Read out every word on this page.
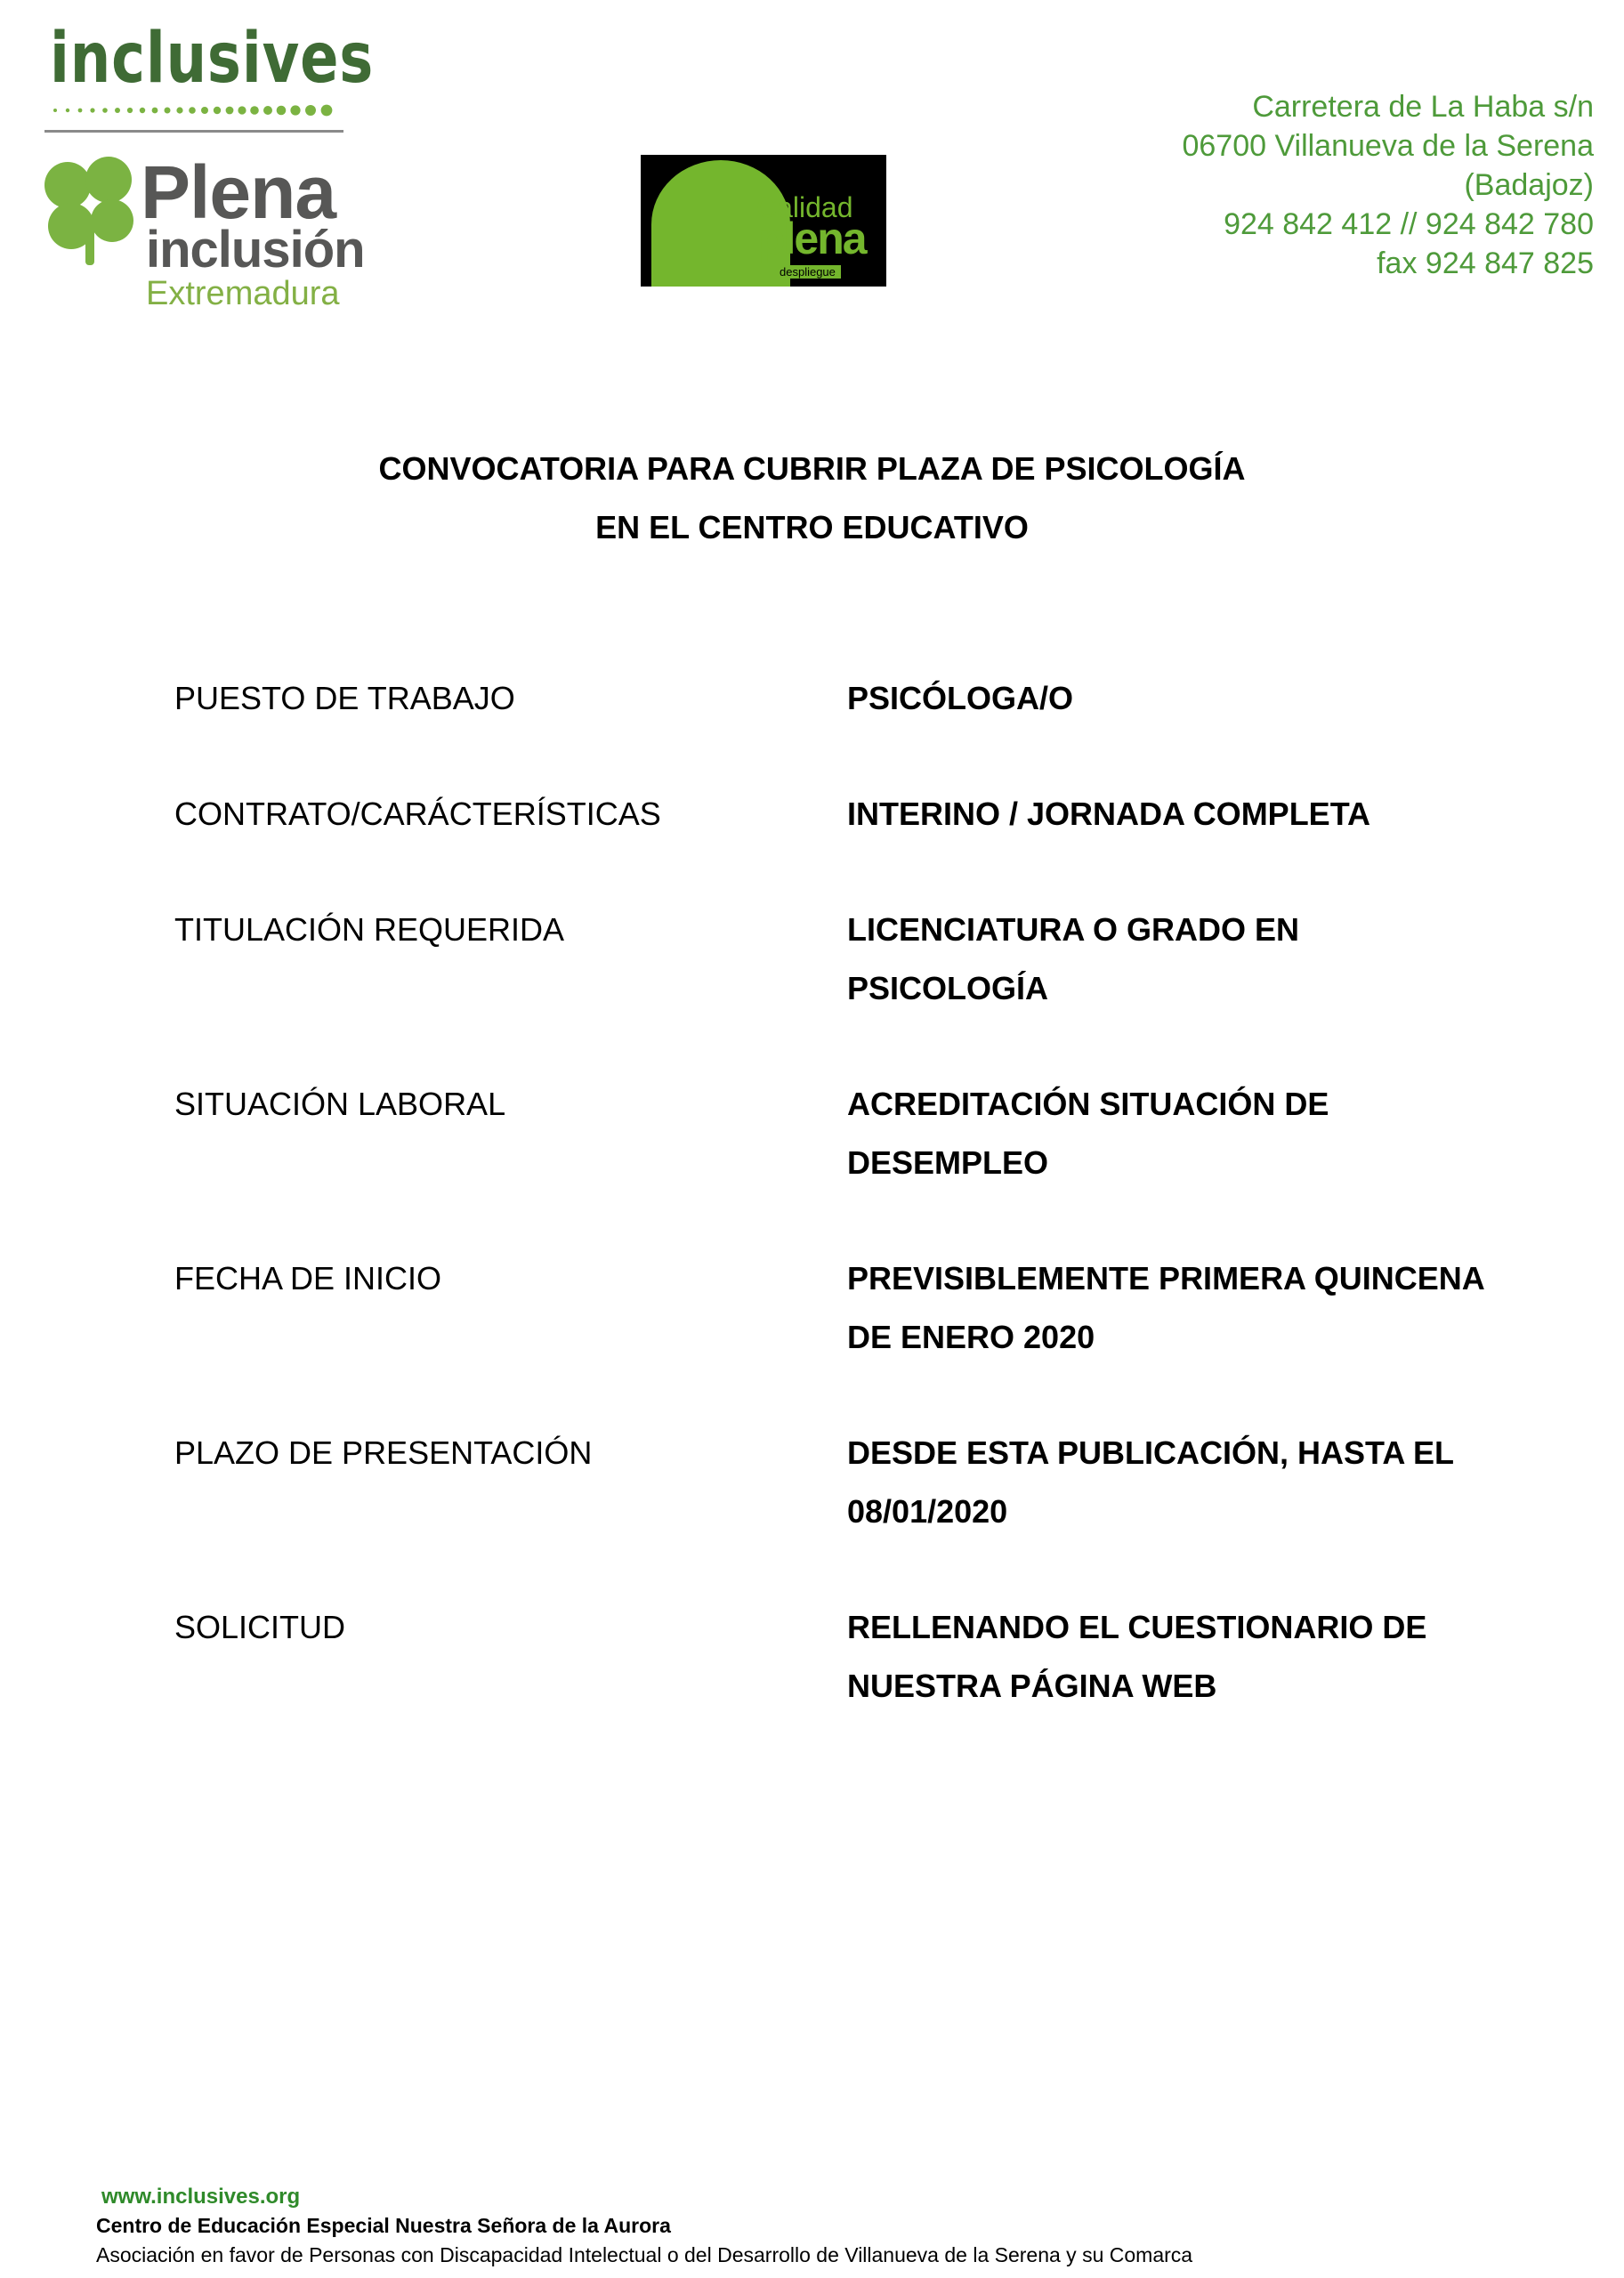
inclusives
Plena
inclusión
Extremadura
Calidad
plena
despliegue
Carretera de La Haba s/n
06700 Villanueva de la Serena
(Badajoz)
924 842 412 // 924 842 780
fax 924 847 825
CONVOCATORIA PARA CUBRIR PLAZA DE PSICOLOGÍA
EN EL CENTRO EDUCATIVO
PUESTO DE TRABAJO	PSICÓLOGA/O
CONTRATO/CARÁCTERÍSTICAS	INTERINO / JORNADA COMPLETA
TITULACIÓN REQUERIDA	LICENCIATURA O GRADO EN PSICOLOGÍA
SITUACIÓN LABORAL	ACREDITACIÓN SITUACIÓN DE DESEMPLEO
FECHA DE INICIO	PREVISIBLEMENTE PRIMERA QUINCENA DE ENERO 2020
PLAZO DE PRESENTACIÓN	DESDE ESTA PUBLICACIÓN, HASTA EL 08/01/2020
SOLICITUD	RELLENANDO EL CUESTIONARIO DE NUESTRA PÁGINA WEB
www.inclusives.org
Centro de Educación Especial Nuestra Señora de la Aurora
Asociación en favor de Personas con Discapacidad Intelectual o del Desarrollo de Villanueva de la Serena y su Comarca
